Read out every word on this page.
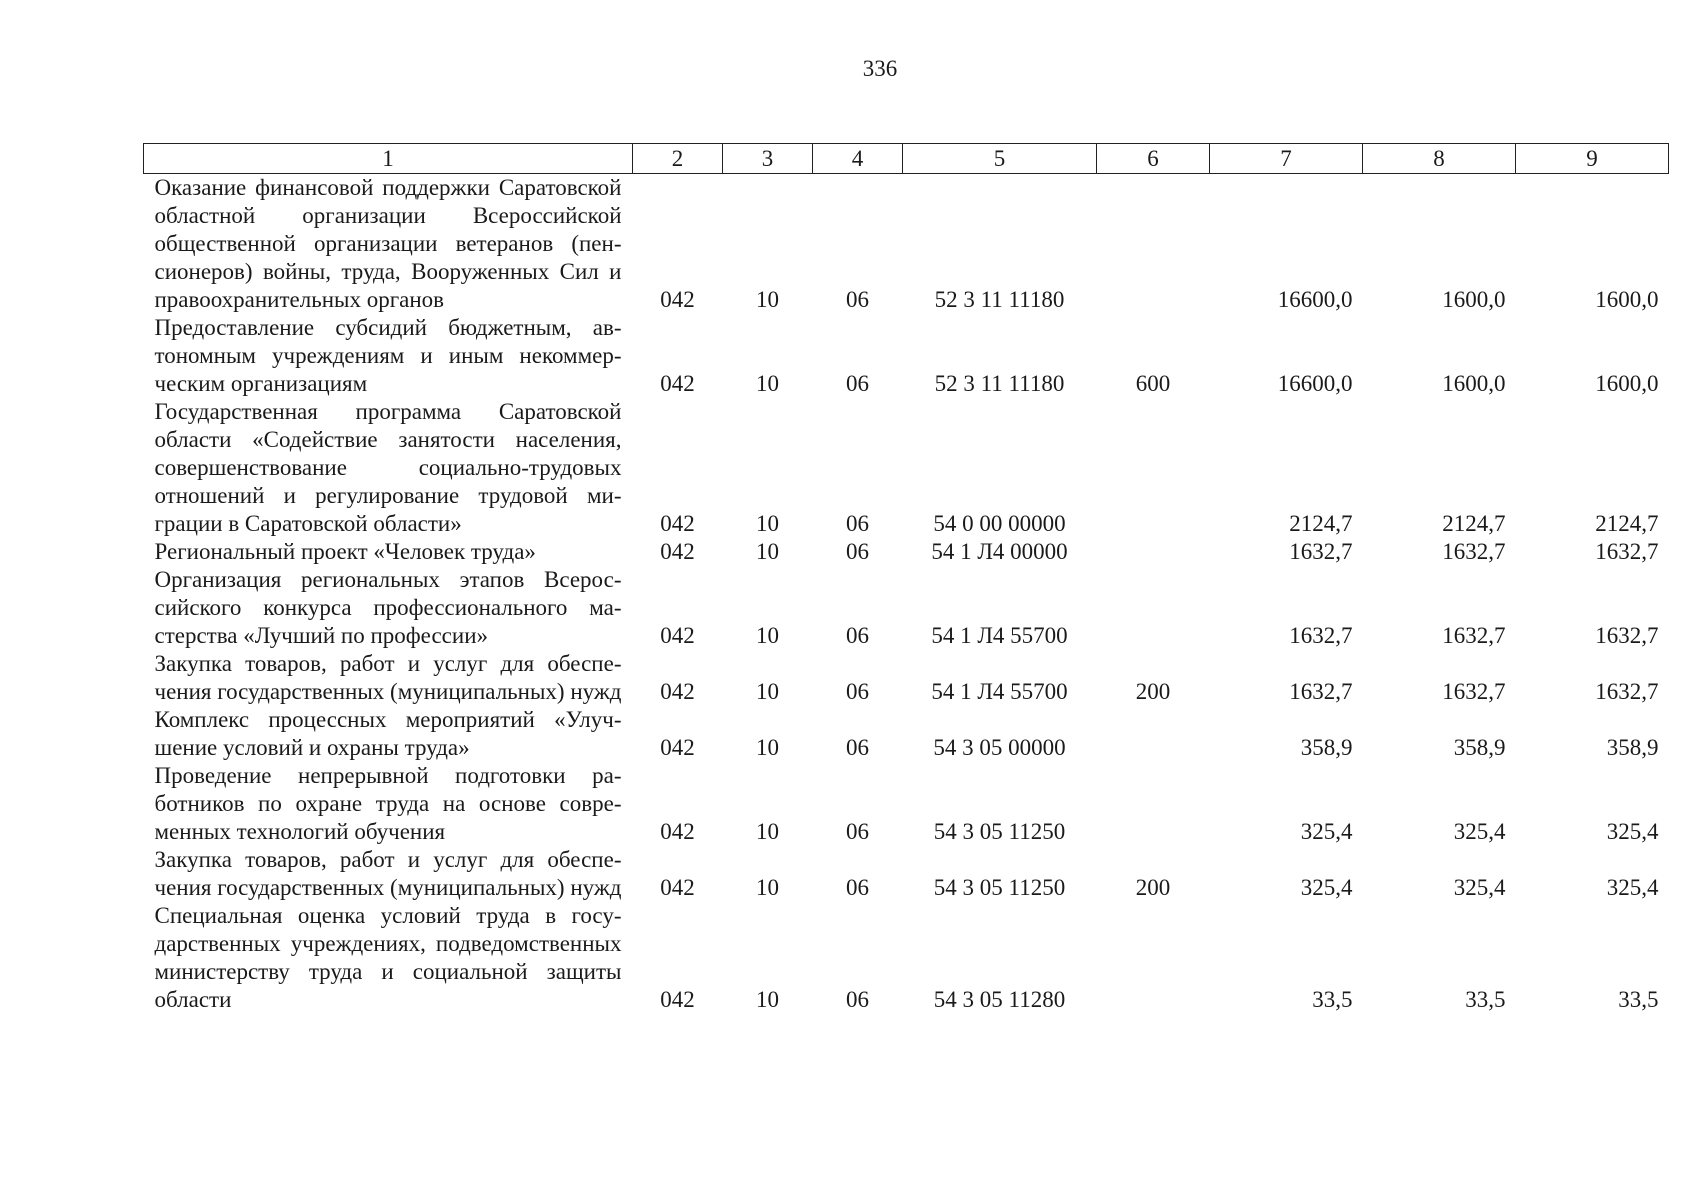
336
1	2	3	4	5	6	7	8	9
Оказание финансовой поддержки Саратовской областной организации Всероссийской общественной организации ветеранов (пенсионеров) войны, труда, Вооруженных Сил и правоохранительных органов	042	10	06	52 3 11 11180		16600,0	1600,0	1600,0
Предоставление субсидий бюджетным, автономным учреждениям и иным некоммерческим организациям	042	10	06	52 3 11 11180	600	16600,0	1600,0	1600,0
Государственная программа Саратовской области «Содействие занятости населения, совершенствование социально-трудовых отношений и регулирование трудовой миграции в Саратовской области»	042	10	06	54 0 00 00000		2124,7	2124,7	2124,7
Региональный проект «Человек труда»	042	10	06	54 1 Л4 00000		1632,7	1632,7	1632,7
Организация региональных этапов Всероссийского конкурса профессионального мастерства «Лучший по профессии»	042	10	06	54 1 Л4 55700		1632,7	1632,7	1632,7
Закупка товаров, работ и услуг для обеспечения государственных (муниципальных) нужд	042	10	06	54 1 Л4 55700	200	1632,7	1632,7	1632,7
Комплекс процессных мероприятий «Улучшение условий и охраны труда»	042	10	06	54 3 05 00000		358,9	358,9	358,9
Проведение непрерывной подготовки работников по охране труда на основе современных технологий обучения	042	10	06	54 3 05 11250		325,4	325,4	325,4
Закупка товаров, работ и услуг для обеспечения государственных (муниципальных) нужд	042	10	06	54 3 05 11250	200	325,4	325,4	325,4
Специальная оценка условий труда в государственных учреждениях, подведомственных министерству труда и социальной защиты области	042	10	06	54 3 05 11280		33,5	33,5	33,5
